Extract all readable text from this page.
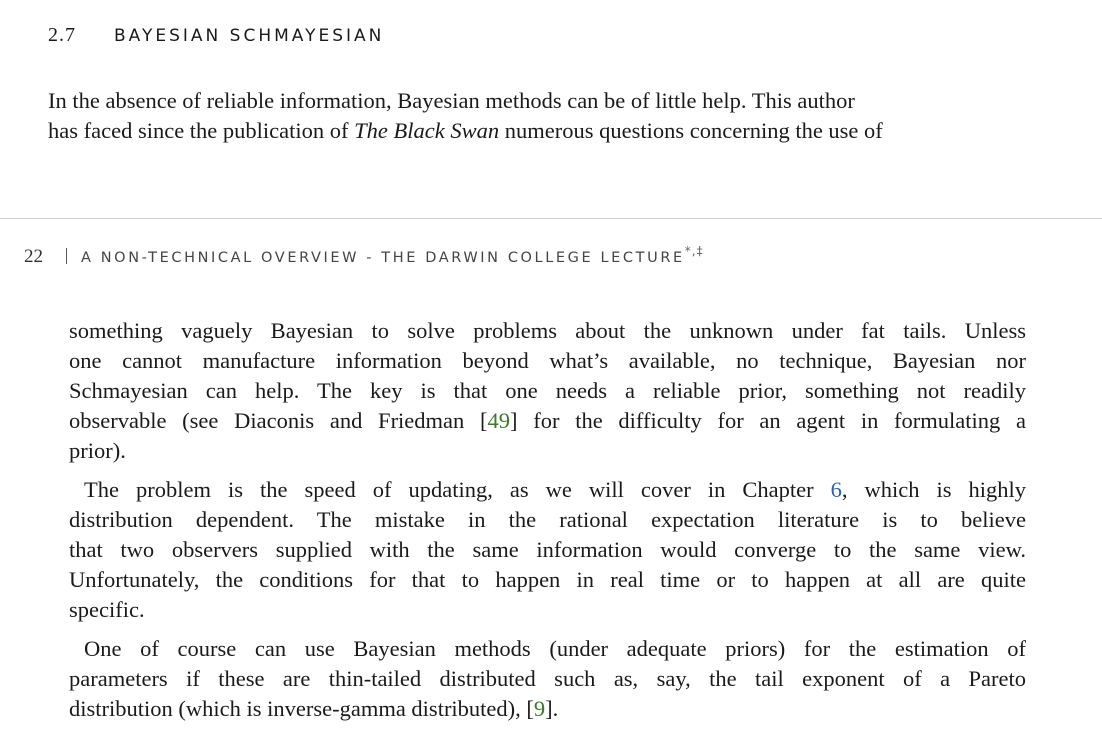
2.7 BAYESIAN SCHMAYESIAN
In the absence of reliable information, Bayesian methods can be of little help. This author
has faced since the publication of The Black Swan numerous questions concerning the use of
22	A NON-TECHNICAL OVERVIEW - THE DARWIN COLLEGE LECTURE*,‡
something vaguely Bayesian to solve problems about the unknown under fat tails. Unless
one cannot manufacture information beyond what’s available, no technique, Bayesian nor
Schmayesian can help. The key is that one needs a reliable prior, something not readily
observable (see Diaconis and Friedman [49] for the difficulty for an agent in formulating a
prior).
The problem is the speed of updating, as we will cover in Chapter 6, which is highly
distribution dependent. The mistake in the rational expectation literature is to believe
that two observers supplied with the same information would converge to the same view.
Unfortunately, the conditions for that to happen in real time or to happen at all are quite
specific.
One of course can use Bayesian methods (under adequate priors) for the estimation of
parameters if these are thin-tailed distributed such as, say, the tail exponent of a Pareto
distribution (which is inverse-gamma distributed), [9].
